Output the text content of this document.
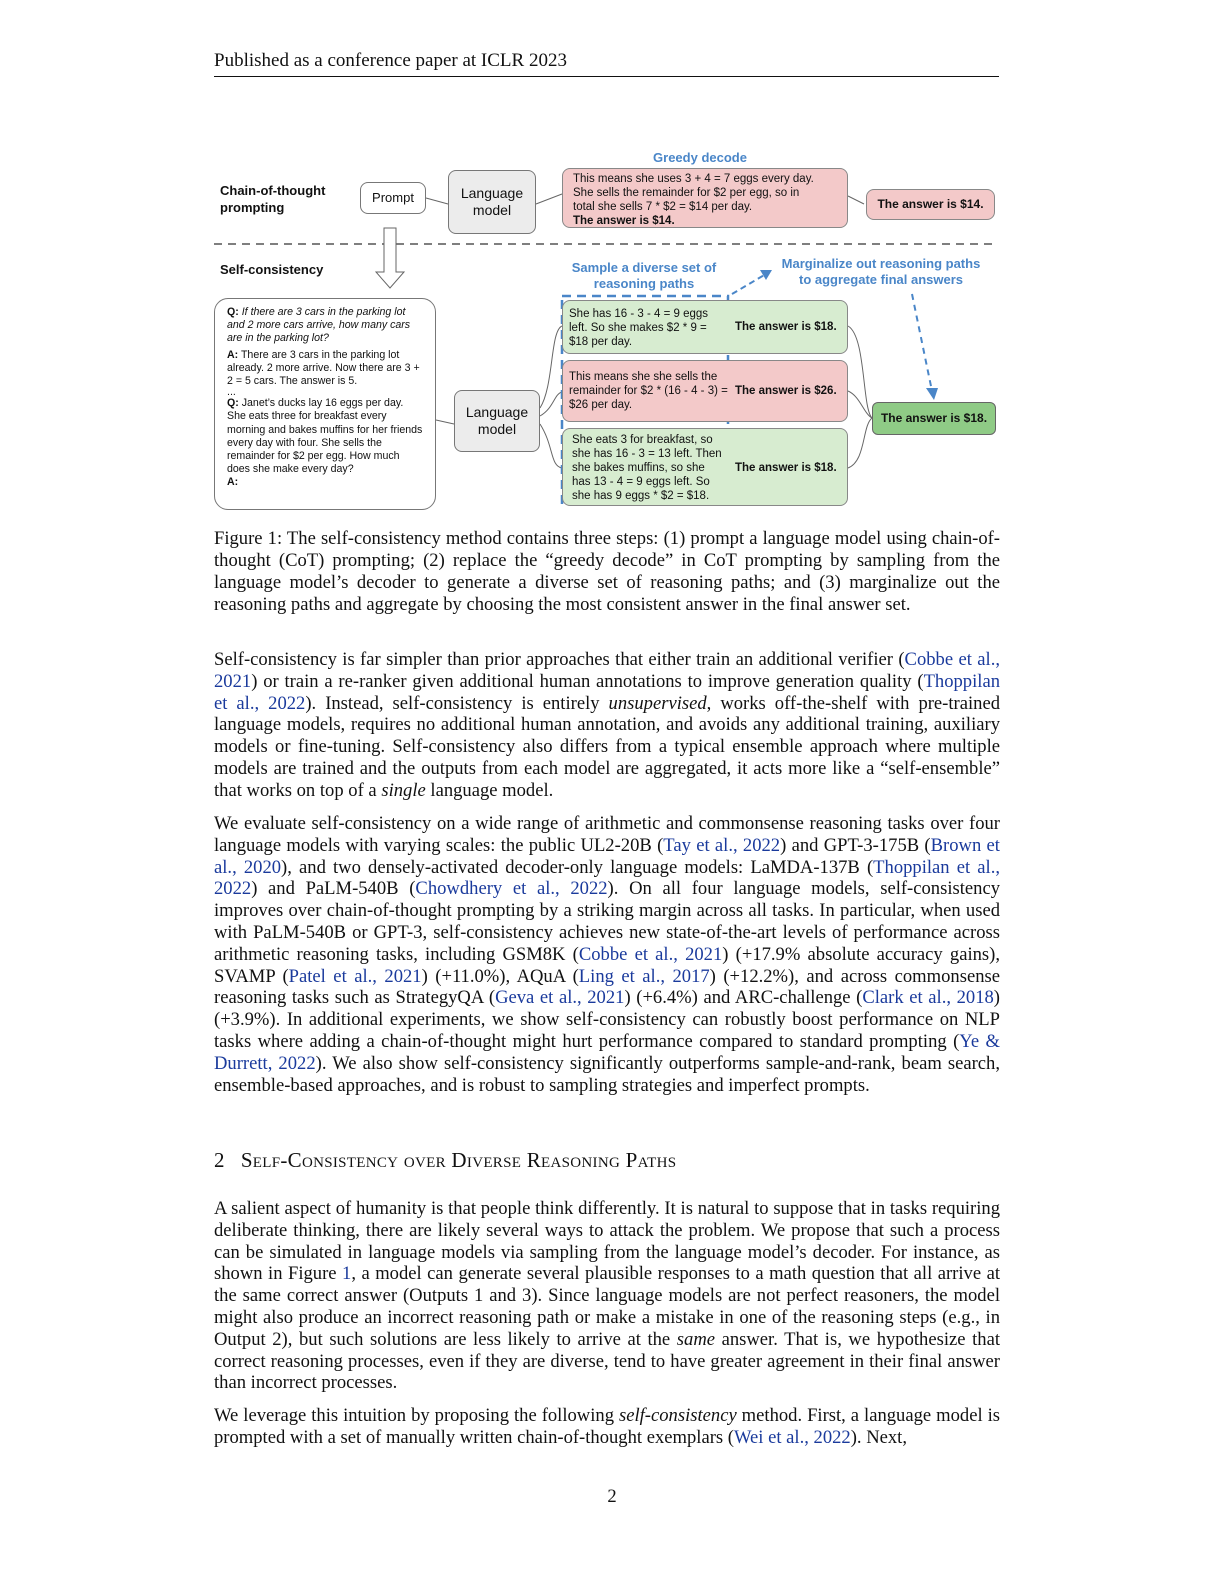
Published as a conference paper at ICLR 2023
Chain-of-thought
prompting
Self-consistency
Prompt	Language
model
Greedy decode
This means she uses 3 + 4 = 7 eggs every day.
She sells the remainder for $2 per egg, so in
total she sells 7 * $2 = $14 per day.
The answer is $14.
The answer is $14.
Sample a diverse set of
reasoning paths
Marginalize out reasoning paths
to aggregate final answers
Q: If there are 3 cars in the parking lot and 2 more cars arrive, how many cars are in the parking lot?
A: There are 3 cars in the parking lot already. 2 more arrive. Now there are 3 + 2 = 5 cars. The answer is 5.
...
Q: Janet’s ducks lay 16 eggs per day. She eats three for breakfast every morning and bakes muffins for her friends every day with four. She sells the remainder for $2 per egg. How much does she make every day?
A:
Language
model
She has 16 - 3 - 4 = 9 eggs left. So she makes $2 * 9 = $18 per day.
The answer is $18.
This means she she sells the remainder for $2 * (16 - 4 - 3) = $26 per day.
The answer is $26.
She eats 3 for breakfast, so she has 16 - 3 = 13 left. Then she bakes muffins, so she has 13 - 4 = 9 eggs left. So she has 9 eggs * $2 = $18.
The answer is $18.
The answer is $18.
Figure 1: The self-consistency method contains three steps: (1) prompt a language model using chain-of-thought (CoT) prompting; (2) replace the “greedy decode” in CoT prompting by sampling from the language model’s decoder to generate a diverse set of reasoning paths; and (3) marginalize out the reasoning paths and aggregate by choosing the most consistent answer in the final answer set.

Self-consistency is far simpler than prior approaches that either train an additional verifier (Cobbe et al., 2021) or train a re-ranker given additional human annotations to improve generation quality (Thoppilan et al., 2022). Instead, self-consistency is entirely unsupervised, works off-the-shelf with pre-trained language models, requires no additional human annotation, and avoids any additional training, auxiliary models or fine-tuning. Self-consistency also differs from a typical ensemble approach where multiple models are trained and the outputs from each model are aggregated, it acts more like a “self-ensemble” that works on top of a single language model.

We evaluate self-consistency on a wide range of arithmetic and commonsense reasoning tasks over four language models with varying scales: the public UL2-20B (Tay et al., 2022) and GPT-3-175B (Brown et al., 2020), and two densely-activated decoder-only language models: LaMDA-137B (Thoppilan et al., 2022) and PaLM-540B (Chowdhery et al., 2022). On all four language models, self-consistency improves over chain-of-thought prompting by a striking margin across all tasks. In particular, when used with PaLM-540B or GPT-3, self-consistency achieves new state-of-the-art levels of performance across arithmetic reasoning tasks, including GSM8K (Cobbe et al., 2021) (+17.9% absolute accuracy gains), SVAMP (Patel et al., 2021) (+11.0%), AQuA (Ling et al., 2017) (+12.2%), and across commonsense reasoning tasks such as StrategyQA (Geva et al., 2021) (+6.4%) and ARC-challenge (Clark et al., 2018) (+3.9%). In additional experiments, we show self-consistency can robustly boost performance on NLP tasks where adding a chain-of-thought might hurt performance compared to standard prompting (Ye & Durrett, 2022). We also show self-consistency significantly outperforms sample-and-rank, beam search, ensemble-based approaches, and is robust to sampling strategies and imperfect prompts.

2 Self-Consistency over Diverse Reasoning Paths

A salient aspect of humanity is that people think differently. It is natural to suppose that in tasks requiring deliberate thinking, there are likely several ways to attack the problem. We propose that such a process can be simulated in language models via sampling from the language model’s decoder. For instance, as shown in Figure 1, a model can generate several plausible responses to a math question that all arrive at the same correct answer (Outputs 1 and 3). Since language models are not perfect reasoners, the model might also produce an incorrect reasoning path or make a mistake in one of the reasoning steps (e.g., in Output 2), but such solutions are less likely to arrive at the same answer. That is, we hypothesize that correct reasoning processes, even if they are diverse, tend to have greater agreement in their final answer than incorrect processes.

We leverage this intuition by proposing the following self-consistency method. First, a language model is prompted with a set of manually written chain-of-thought exemplars (Wei et al., 2022). Next,

2
